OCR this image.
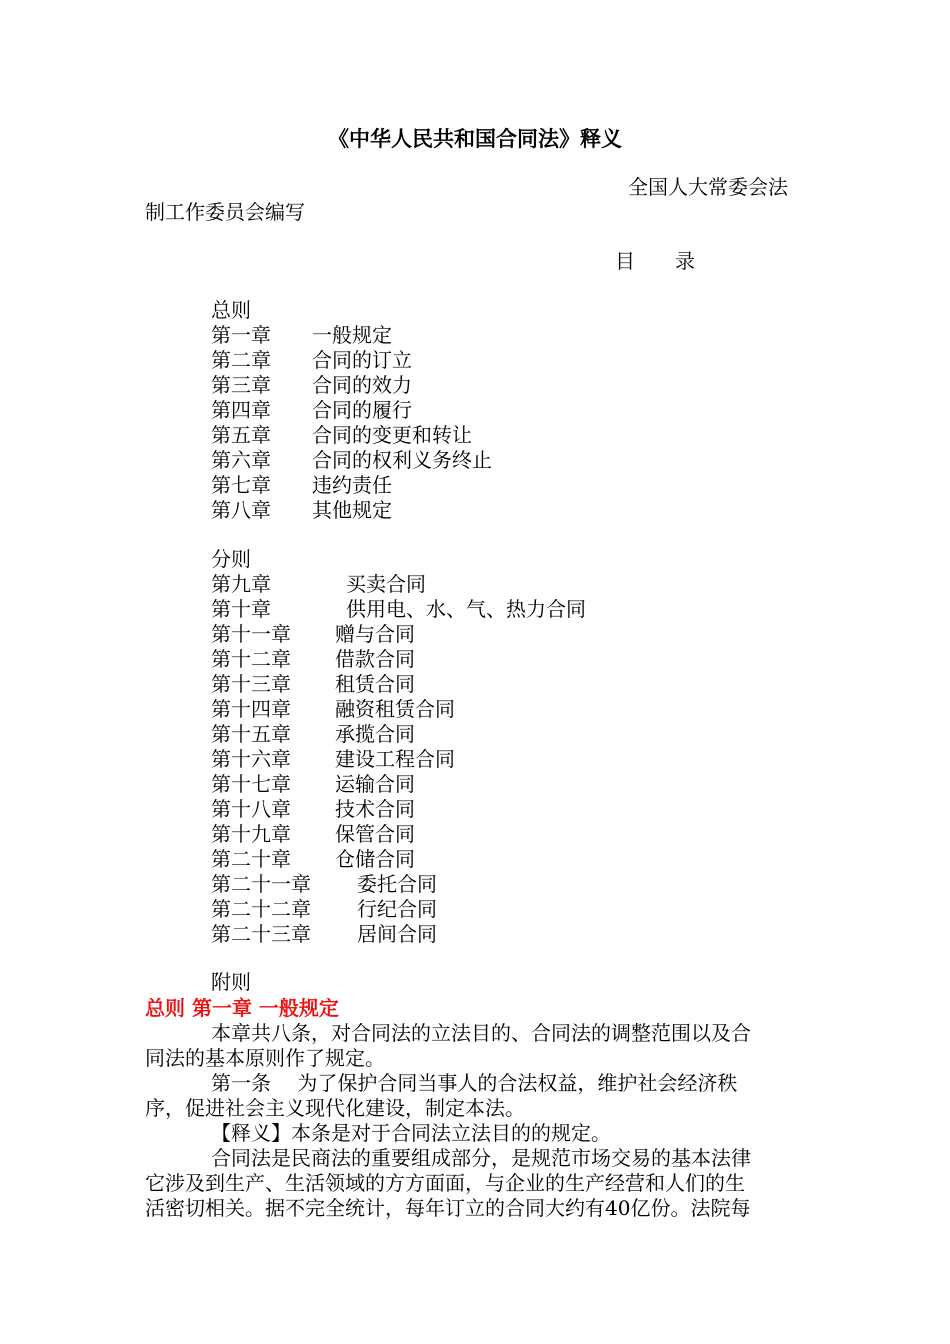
《中华人民共和国合同法》释义
全国人大常委会法
制工作委员会编写
目　　录
总则
第一章 一般规定
第二章 合同的订立
第三章 合同的效力
第四章 合同的履行
第五章 合同的变更和转让
第六章 合同的权利义务终止
第七章 违约责任
第八章 其他规定
分则
第九章	买卖合同
第十章	供用电、水、气、热力合同
第十一章 赠与合同
第十二章 借款合同
第十三章 租赁合同
第十四章 融资租赁合同
第十五章 承揽合同
第十六章 建设工程合同
第十七章 运输合同
第十八章 技术合同
第十九章 保管合同
第二十章 仓储合同
第二十一章 委托合同
第二十二章 行纪合同
第二十三章 居间合同
附则
总则 第一章 一般规定
本章共八条，对合同法的立法目的、合同法的调整范围以及合
同法的基本原则作了规定。
第一条　 为了保护合同当事人的合法权益，维护社会经济秩
序，促进社会主义现代化建设，制定本法。
【释义】本条是对于合同法立法目的的规定。
合同法是民商法的重要组成部分，是规范市场交易的基本法律
它涉及到生产、生活领域的方方面面，与企业的生产经营和人们的生
活密切相关。据不完全统计，每年订立的合同大约有40亿份。法院每
